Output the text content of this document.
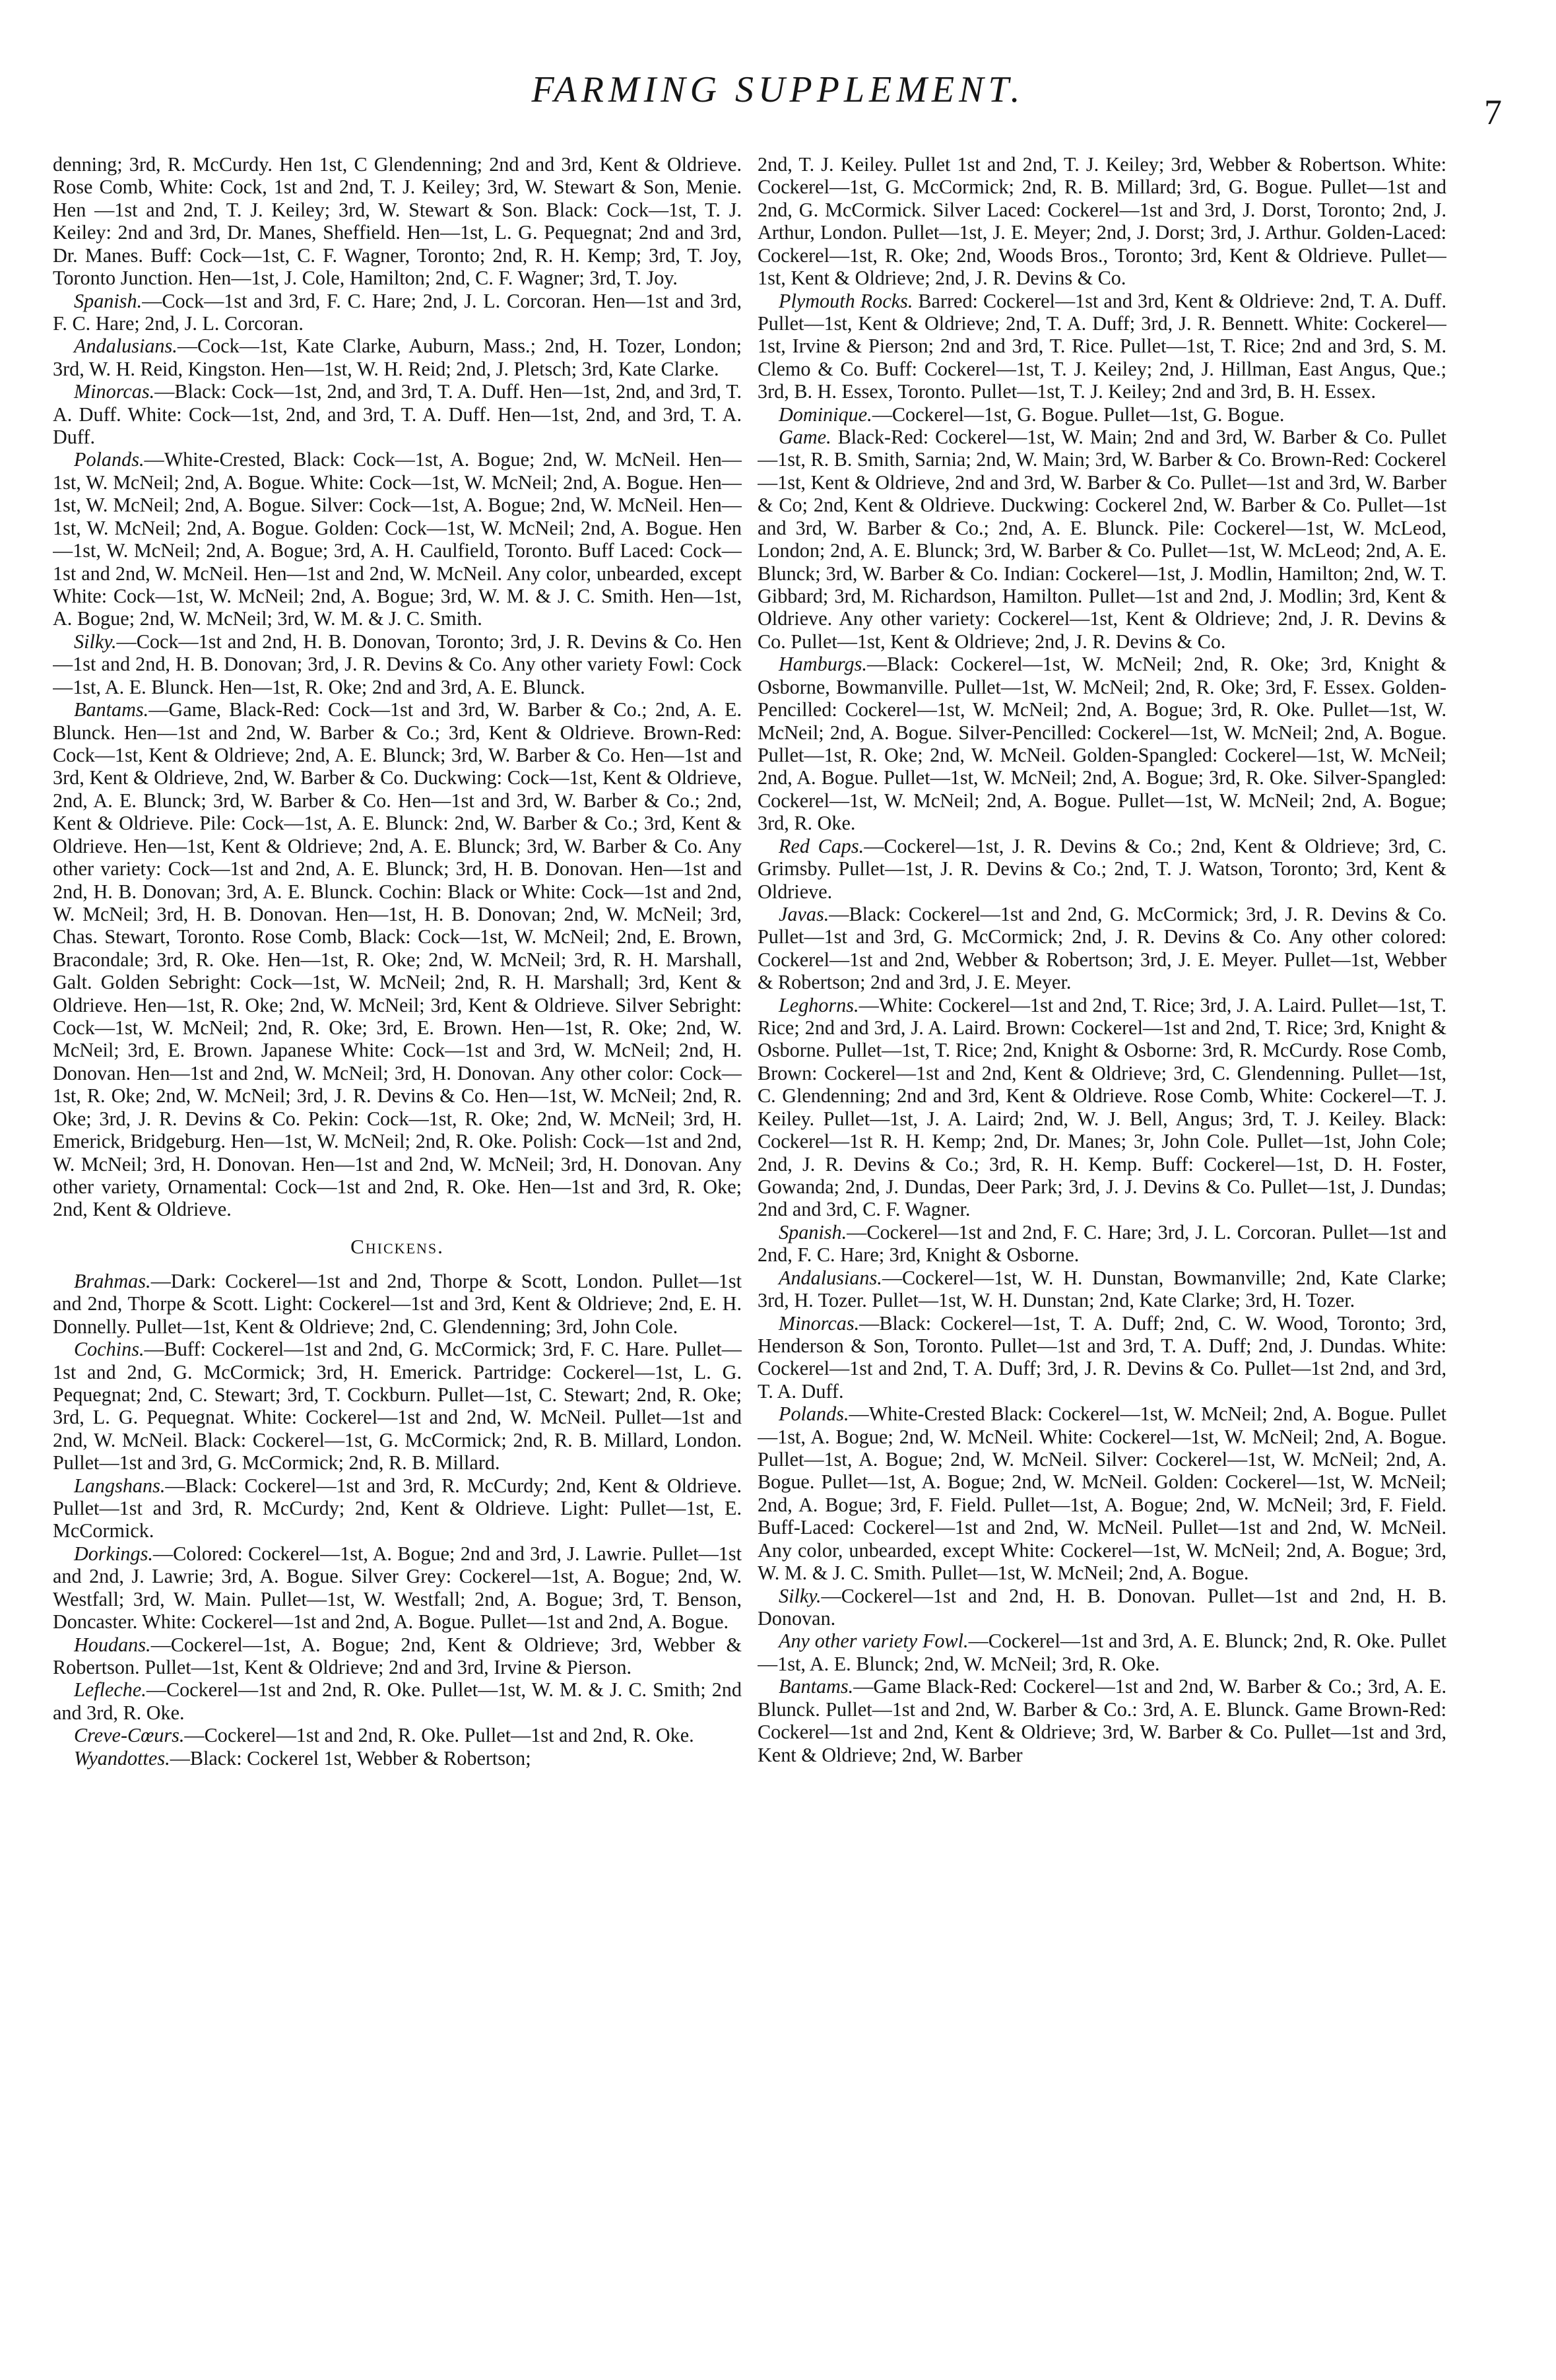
FARMING SUPPLEMENT.
7

denning; 3rd, R. McCurdy. Hen 1st, C Glendenning; 2nd and 3rd, Kent & Oldrieve. Rose Comb, White: Cock, 1st and 2nd, T. J. Keiley; 3rd, W. Stewart & Son, Menie. Hen —1st and 2nd, T. J. Keiley; 3rd, W. Stewart & Son. Black: Cock—1st, T. J. Keiley: 2nd and 3rd, Dr. Manes, Sheffield. Hen—1st, L. G. Pequegnat; 2nd and 3rd, Dr. Manes. Buff: Cock—1st, C. F. Wagner, Toronto; 2nd, R. H. Kemp; 3rd, T. Joy, Toronto Junction. Hen—1st, J. Cole, Hamilton; 2nd, C. F. Wagner; 3rd, T. Joy.

Spanish.—Cock—1st and 3rd, F. C. Hare; 2nd, J. L. Corcoran. Hen—1st and 3rd, F. C. Hare; 2nd, J. L. Corcoran.

Andalusians.—Cock—1st, Kate Clarke, Auburn, Mass.; 2nd, H. Tozer, London; 3rd, W. H. Reid, Kingston. Hen—1st, W. H. Reid; 2nd, J. Pletsch; 3rd, Kate Clarke.

Minorcas.—Black: Cock—1st, 2nd, and 3rd, T. A. Duff. Hen—1st, 2nd, and 3rd, T. A. Duff. White: Cock—1st, 2nd, and 3rd, T. A. Duff. Hen—1st, 2nd, and 3rd, T. A. Duff.

Polands.—White-Crested, Black: Cock—1st, A. Bogue; 2nd, W. McNeil. Hen—1st, W. McNeil; 2nd, A. Bogue. White: Cock—1st, W. McNeil; 2nd, A. Bogue. Hen—1st, W. McNeil; 2nd, A. Bogue. Silver: Cock—1st, A. Bogue; 2nd, W. McNeil. Hen—1st, W. McNeil; 2nd, A. Bogue. Golden: Cock—1st, W. McNeil; 2nd, A. Bogue. Hen—1st, W. McNeil; 2nd, A. Bogue; 3rd, A. H. Caulfield, Toronto. Buff Laced: Cock—1st and 2nd, W. McNeil. Hen—1st and 2nd, W. McNeil. Any color, unbearded, except White: Cock—1st, W. McNeil; 2nd, A. Bogue; 3rd, W. M. & J. C. Smith. Hen—1st, A. Bogue; 2nd, W. McNeil; 3rd, W. M. & J. C. Smith.

Silky.—Cock—1st and 2nd, H. B. Donovan, Toronto; 3rd, J. R. Devins & Co. Hen—1st and 2nd, H. B. Donovan; 3rd, J. R. Devins & Co. Any other variety Fowl: Cock—1st, A. E. Blunck. Hen—1st, R. Oke; 2nd and 3rd, A. E. Blunck.

Bantams.—Game, Black-Red: Cock—1st and 3rd, W. Barber & Co.; 2nd, A. E. Blunck. Hen—1st and 2nd, W. Barber & Co.; 3rd, Kent & Oldrieve. Brown-Red: Cock—1st, Kent & Oldrieve; 2nd, A. E. Blunck; 3rd, W. Barber & Co. Hen—1st and 3rd, Kent & Oldrieve, 2nd, W. Barber & Co. Duckwing: Cock—1st, Kent & Oldrieve, 2nd, A. E. Blunck; 3rd, W. Barber & Co. Hen—1st and 3rd, W. Barber & Co.; 2nd, Kent & Oldrieve. Pile: Cock—1st, A. E. Blunck: 2nd, W. Barber & Co.; 3rd, Kent & Oldrieve. Hen—1st, Kent & Oldrieve; 2nd, A. E. Blunck; 3rd, W. Barber & Co. Any other variety: Cock—1st and 2nd, A. E. Blunck; 3rd, H. B. Donovan. Hen—1st and 2nd, H. B. Donovan; 3rd, A. E. Blunck. Cochin: Black or White: Cock—1st and 2nd, W. McNeil; 3rd, H. B. Donovan. Hen—1st, H. B. Donovan; 2nd, W. McNeil; 3rd, Chas. Stewart, Toronto. Rose Comb, Black: Cock—1st, W. McNeil; 2nd, E. Brown, Bracondale; 3rd, R. Oke. Hen—1st, R. Oke; 2nd, W. McNeil; 3rd, R. H. Marshall, Galt. Golden Sebright: Cock—1st, W. McNeil; 2nd, R. H. Marshall; 3rd, Kent & Oldrieve. Hen—1st, R. Oke; 2nd, W. McNeil; 3rd, Kent & Oldrieve. Silver Sebright: Cock—1st, W. McNeil; 2nd, R. Oke; 3rd, E. Brown. Hen—1st, R. Oke; 2nd, W. McNeil; 3rd, E. Brown. Japanese White: Cock—1st and 3rd, W. McNeil; 2nd, H. Donovan. Hen—1st and 2nd, W. McNeil; 3rd, H. Donovan. Any other color: Cock—1st, R. Oke; 2nd, W. McNeil; 3rd, J. R. Devins & Co. Hen—1st, W. McNeil; 2nd, R. Oke; 3rd, J. R. Devins & Co. Pekin: Cock—1st, R. Oke; 2nd, W. McNeil; 3rd, H. Emerick, Bridgeburg. Hen—1st, W. McNeil; 2nd, R. Oke. Polish: Cock—1st and 2nd, W. McNeil; 3rd, H. Donovan. Hen—1st and 2nd, W. McNeil; 3rd, H. Donovan. Any other variety, Ornamental: Cock—1st and 2nd, R. Oke. Hen—1st and 3rd, R. Oke; 2nd, Kent & Oldrieve.

Chickens.

Brahmas.—Dark: Cockerel—1st and 2nd, Thorpe & Scott, London. Pullet—1st and 2nd, Thorpe & Scott. Light: Cockerel—1st and 3rd, Kent & Oldrieve; 2nd, E. H. Donnelly. Pullet—1st, Kent & Oldrieve; 2nd, C. Glendenning; 3rd, John Cole.

Cochins.—Buff: Cockerel—1st and 2nd, G. McCormick; 3rd, F. C. Hare. Pullet—1st and 2nd, G. McCormick; 3rd, H. Emerick. Partridge: Cockerel—1st, L. G. Pequegnat; 2nd, C. Stewart; 3rd, T. Cockburn. Pullet—1st, C. Stewart; 2nd, R. Oke; 3rd, L. G. Pequegnat. White: Cockerel—1st and 2nd, W. McNeil. Pullet—1st and 2nd, W. McNeil. Black: Cockerel—1st, G. McCormick; 2nd, R. B. Millard, London. Pullet—1st and 3rd, G. McCormick; 2nd, R. B. Millard.

Langshans.—Black: Cockerel—1st and 3rd, R. McCurdy; 2nd, Kent & Oldrieve. Pullet—1st and 3rd, R. McCurdy; 2nd, Kent & Oldrieve. Light: Pullet—1st, E. McCormick.

Dorkings.—Colored: Cockerel—1st, A. Bogue; 2nd and 3rd, J. Lawrie. Pullet—1st and 2nd, J. Lawrie; 3rd, A. Bogue. Silver Grey: Cockerel—1st, A. Bogue; 2nd, W. Westfall; 3rd, W. Main. Pullet—1st, W. Westfall; 2nd, A. Bogue; 3rd, T. Benson, Doncaster. White: Cockerel—1st and 2nd, A. Bogue. Pullet—1st and 2nd, A. Bogue.

Houdans.—Cockerel—1st, A. Bogue; 2nd, Kent & Oldrieve; 3rd, Webber & Robertson. Pullet—1st, Kent & Oldrieve; 2nd and 3rd, Irvine & Pierson.

Lefleche.—Cockerel—1st and 2nd, R. Oke. Pullet—1st, W. M. & J. C. Smith; 2nd and 3rd, R. Oke.

Creve-Cœurs.—Cockerel—1st and 2nd, R. Oke. Pullet—1st and 2nd, R. Oke.

Wyandottes.—Black: Cockerel 1st, Webber & Robertson;

2nd, T. J. Keiley. Pullet 1st and 2nd, T. J. Keiley; 3rd, Webber & Robertson. White: Cockerel—1st, G. McCormick; 2nd, R. B. Millard; 3rd, G. Bogue. Pullet—1st and 2nd, G. McCormick. Silver Laced: Cockerel—1st and 3rd, J. Dorst, Toronto; 2nd, J. Arthur, London. Pullet—1st, J. E. Meyer; 2nd, J. Dorst; 3rd, J. Arthur. Golden-Laced: Cockerel—1st, R. Oke; 2nd, Woods Bros., Toronto; 3rd, Kent & Oldrieve. Pullet—1st, Kent & Oldrieve; 2nd, J. R. Devins & Co.

Plymouth Rocks. Barred: Cockerel—1st and 3rd, Kent & Oldrieve: 2nd, T. A. Duff. Pullet—1st, Kent & Oldrieve; 2nd, T. A. Duff; 3rd, J. R. Bennett. White: Cockerel—1st, Irvine & Pierson; 2nd and 3rd, T. Rice. Pullet—1st, T. Rice; 2nd and 3rd, S. M. Clemo & Co. Buff: Cockerel—1st, T. J. Keiley; 2nd, J. Hillman, East Angus, Que.; 3rd, B. H. Essex, Toronto. Pullet—1st, T. J. Keiley; 2nd and 3rd, B. H. Essex.

Dominique.—Cockerel—1st, G. Bogue. Pullet—1st, G. Bogue.

Game. Black-Red: Cockerel—1st, W. Main; 2nd and 3rd, W. Barber & Co. Pullet—1st, R. B. Smith, Sarnia; 2nd, W. Main; 3rd, W. Barber & Co. Brown-Red: Cockerel—1st, Kent & Oldrieve, 2nd and 3rd, W. Barber & Co. Pullet—1st and 3rd, W. Barber & Co; 2nd, Kent & Oldrieve. Duckwing: Cockerel 2nd, W. Barber & Co. Pullet—1st and 3rd, W. Barber & Co.; 2nd, A. E. Blunck. Pile: Cockerel—1st, W. McLeod, London; 2nd, A. E. Blunck; 3rd, W. Barber & Co. Pullet—1st, W. McLeod; 2nd, A. E. Blunck; 3rd, W. Barber & Co. Indian: Cockerel—1st, J. Modlin, Hamilton; 2nd, W. T. Gibbard; 3rd, M. Richardson, Hamilton. Pullet—1st and 2nd, J. Modlin; 3rd, Kent & Oldrieve. Any other variety: Cockerel—1st, Kent & Oldrieve; 2nd, J. R. Devins & Co. Pullet—1st, Kent & Oldrieve; 2nd, J. R. Devins & Co.

Hamburgs.—Black: Cockerel—1st, W. McNeil; 2nd, R. Oke; 3rd, Knight & Osborne, Bowmanville. Pullet—1st, W. McNeil; 2nd, R. Oke; 3rd, F. Essex. Golden-Pencilled: Cockerel—1st, W. McNeil; 2nd, A. Bogue; 3rd, R. Oke. Pullet—1st, W. McNeil; 2nd, A. Bogue. Silver-Pencilled: Cockerel—1st, W. McNeil; 2nd, A. Bogue. Pullet—1st, R. Oke; 2nd, W. McNeil. Golden-Spangled: Cockerel—1st, W. McNeil; 2nd, A. Bogue. Pullet—1st, W. McNeil; 2nd, A. Bogue; 3rd, R. Oke. Silver-Spangled: Cockerel—1st, W. McNeil; 2nd, A. Bogue. Pullet—1st, W. McNeil; 2nd, A. Bogue; 3rd, R. Oke.

Red Caps.—Cockerel—1st, J. R. Devins & Co.; 2nd, Kent & Oldrieve; 3rd, C. Grimsby. Pullet—1st, J. R. Devins & Co.; 2nd, T. J. Watson, Toronto; 3rd, Kent & Oldrieve.

Javas.—Black: Cockerel—1st and 2nd, G. McCormick; 3rd, J. R. Devins & Co. Pullet—1st and 3rd, G. McCormick; 2nd, J. R. Devins & Co. Any other colored: Cockerel—1st and 2nd, Webber & Robertson; 3rd, J. E. Meyer. Pullet—1st, Webber & Robertson; 2nd and 3rd, J. E. Meyer.

Leghorns.—White: Cockerel—1st and 2nd, T. Rice; 3rd, J. A. Laird. Pullet—1st, T. Rice; 2nd and 3rd, J. A. Laird. Brown: Cockerel—1st and 2nd, T. Rice; 3rd, Knight & Osborne. Pullet—1st, T. Rice; 2nd, Knight & Osborne: 3rd, R. McCurdy. Rose Comb, Brown: Cockerel—1st and 2nd, Kent & Oldrieve; 3rd, C. Glendenning. Pullet—1st, C. Glendenning; 2nd and 3rd, Kent & Oldrieve. Rose Comb, White: Cockerel—T. J. Keiley. Pullet—1st, J. A. Laird; 2nd, W. J. Bell, Angus; 3rd, T. J. Keiley. Black: Cockerel—1st R. H. Kemp; 2nd, Dr. Manes; 3r, John Cole. Pullet—1st, John Cole; 2nd, J. R. Devins & Co.; 3rd, R. H. Kemp. Buff: Cockerel—1st, D. H. Foster, Gowanda; 2nd, J. Dundas, Deer Park; 3rd, J. J. Devins & Co. Pullet—1st, J. Dundas; 2nd and 3rd, C. F. Wagner.

Spanish.—Cockerel—1st and 2nd, F. C. Hare; 3rd, J. L. Corcoran. Pullet—1st and 2nd, F. C. Hare; 3rd, Knight & Osborne.

Andalusians.—Cockerel—1st, W. H. Dunstan, Bowmanville; 2nd, Kate Clarke; 3rd, H. Tozer. Pullet—1st, W. H. Dunstan; 2nd, Kate Clarke; 3rd, H. Tozer.

Minorcas.—Black: Cockerel—1st, T. A. Duff; 2nd, C. W. Wood, Toronto; 3rd, Henderson & Son, Toronto. Pullet—1st and 3rd, T. A. Duff; 2nd, J. Dundas. White: Cockerel—1st and 2nd, T. A. Duff; 3rd, J. R. Devins & Co. Pullet—1st 2nd, and 3rd, T. A. Duff.

Polands.—White-Crested Black: Cockerel—1st, W. McNeil; 2nd, A. Bogue. Pullet—1st, A. Bogue; 2nd, W. McNeil. White: Cockerel—1st, W. McNeil; 2nd, A. Bogue. Pullet—1st, A. Bogue; 2nd, W. McNeil. Silver: Cockerel—1st, W. McNeil; 2nd, A. Bogue. Pullet—1st, A. Bogue; 2nd, W. McNeil. Golden: Cockerel—1st, W. McNeil; 2nd, A. Bogue; 3rd, F. Field. Pullet—1st, A. Bogue; 2nd, W. McNeil; 3rd, F. Field. Buff-Laced: Cockerel—1st and 2nd, W. McNeil. Pullet—1st and 2nd, W. McNeil. Any color, unbearded, except White: Cockerel—1st, W. McNeil; 2nd, A. Bogue; 3rd, W. M. & J. C. Smith. Pullet—1st, W. McNeil; 2nd, A. Bogue.

Silky.—Cockerel—1st and 2nd, H. B. Donovan. Pullet—1st and 2nd, H. B. Donovan.

Any other variety Fowl.—Cockerel—1st and 3rd, A. E. Blunck; 2nd, R. Oke. Pullet—1st, A. E. Blunck; 2nd, W. McNeil; 3rd, R. Oke.

Bantams.—Game Black-Red: Cockerel—1st and 2nd, W. Barber & Co.; 3rd, A. E. Blunck. Pullet—1st and 2nd, W. Barber & Co.: 3rd, A. E. Blunck. Game Brown-Red: Cockerel—1st and 2nd, Kent & Oldrieve; 3rd, W. Barber & Co. Pullet—1st and 3rd, Kent & Oldrieve; 2nd, W. Barber
